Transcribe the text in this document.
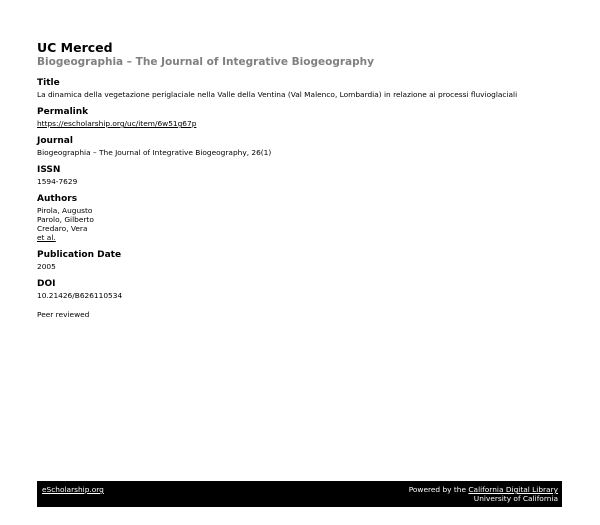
UC Merced

Biogeographia – The Journal of Integrative Biogeography

Title

La dinamica della vegetazione periglaciale nella Valle della Ventina (Val Malenco, Lombardia) in relazione ai processi fluvioglaciali

Permalink

https://escholarship.org/uc/item/6w51g67p

Journal

Biogeographia – The Journal of Integrative Biogeography, 26(1)

ISSN

1594-7629

Authors

Pirola, Augusto

Parolo, Gilberto

Credaro, Vera

et al.

Publication Date

2005

DOI

10.21426/B626110534

Peer reviewed

eScholarship.org	Powered by the California Digital Library
University of California
